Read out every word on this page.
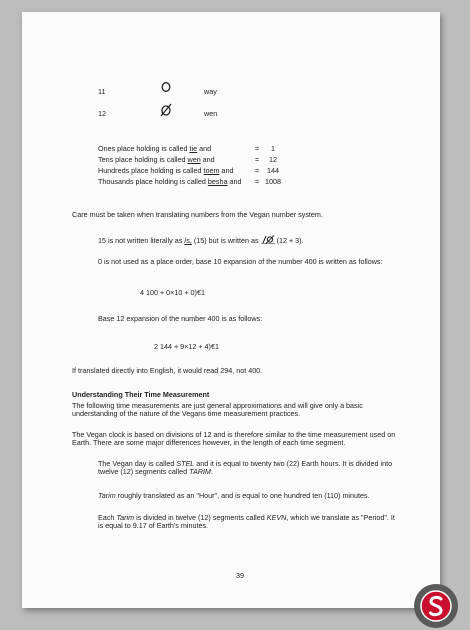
11	way
12	wen
Ones place holding is called tie and	= 1
Tens place holding is called wen and	= 12
Hundreds place holding is called toem and	= 144
Thousands place holding is called besha and = 1008
Care must be taken when translating numbers from the Vegan number system.
15 is not written literally as /s, (15) but is written as  (12 + 3).
0 is not used as a place order, base 10 expansion of the number 400 is written as follows:
4 100 + 0×10 + 0)€1
Base 12 expansion of the number 400 is as follows:
2 144 + 9×12 + 4)€1
If translated directly into English, it would read 294, not 400.
Understanding Their Time Measurement
The following time measurements are just general approximations and will give only a basic understanding of the nature of the Vegans time measurement practices.
The Vegan clock is based on divisions of 12 and is therefore similar to the time measurement used on Earth. There are some major differences however, in the length of each time segment.
The Vegan day is called STEL and it is equal to twenty two (22) Earth hours. It is divided into twelve (12) segments called TARIM.
Tarim roughly translated as an "Hour", and is equal to one hundred ten (110) minutes.
Each Tarim is divided in twelve (12) segments called KEVN, which we translate as "Period". It is equal to 9.17 of Earth's minutes.
39
